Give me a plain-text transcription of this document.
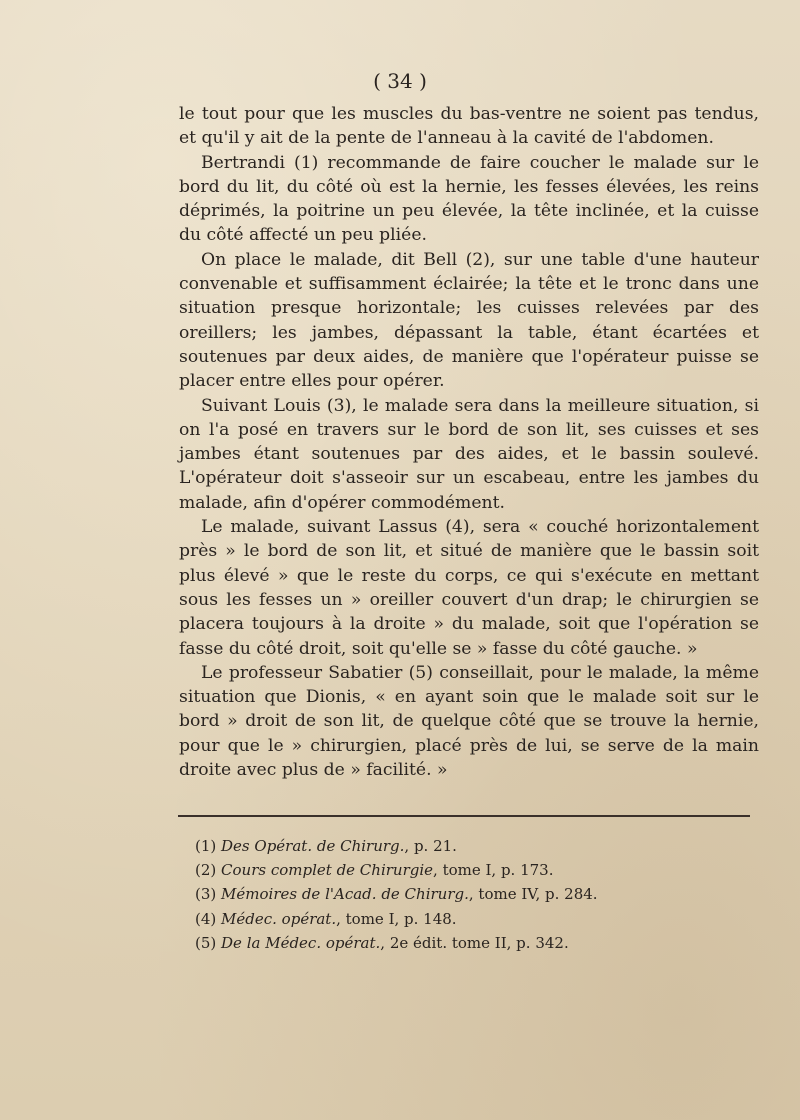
( 34 )

le tout pour que les muscles du bas-ventre ne soient pas tendus, et qu'il y ait de la pente de l'anneau à la cavité de l'abdomen.

Bertrandi (1) recommande de faire coucher le malade sur le bord du lit, du côté où est la hernie, les fesses élevées, les reins déprimés, la poitrine un peu élevée, la tête inclinée, et la cuisse du côté affecté un peu pliée.

On place le malade, dit Bell (2), sur une table d'une hauteur convenable et suffisamment éclairée; la tête et le tronc dans une situation presque horizontale; les cuisses relevées par des oreillers; les jambes, dépassant la table, étant écartées et soutenues par deux aides, de manière que l'opérateur puisse se placer entre elles pour opérer.

Suivant Louis (3), le malade sera dans la meilleure situation, si on l'a posé en travers sur le bord de son lit, ses cuisses et ses jambes étant soutenues par des aides, et le bassin soulevé. L'opérateur doit s'asseoir sur un escabeau, entre les jambes du malade, afin d'opérer commodément.

Le malade, suivant Lassus (4), sera « couché horizontalement près » le bord de son lit, et situé de manière que le bassin soit plus élevé » que le reste du corps, ce qui s'exécute en mettant sous les fesses un » oreiller couvert d'un drap; le chirurgien se placera toujours à la droite » du malade, soit que l'opération se fasse du côté droit, soit qu'elle se » fasse du côté gauche. »

Le professeur Sabatier (5) conseillait, pour le malade, la même situation que Dionis, « en ayant soin que le malade soit sur le bord » droit de son lit, de quelque côté que se trouve la hernie, pour que le » chirurgien, placé près de lui, se serve de la main droite avec plus de » facilité. »

(1) Des Opérat. de Chirurg., p. 21.
(2) Cours complet de Chirurgie, tome I, p. 173.
(3) Mémoires de l'Acad. de Chirurg., tome IV, p. 284.
(4) Médec. opérat., tome I, p. 148.
(5) De la Médec. opérat., 2e édit. tome II, p. 342.
